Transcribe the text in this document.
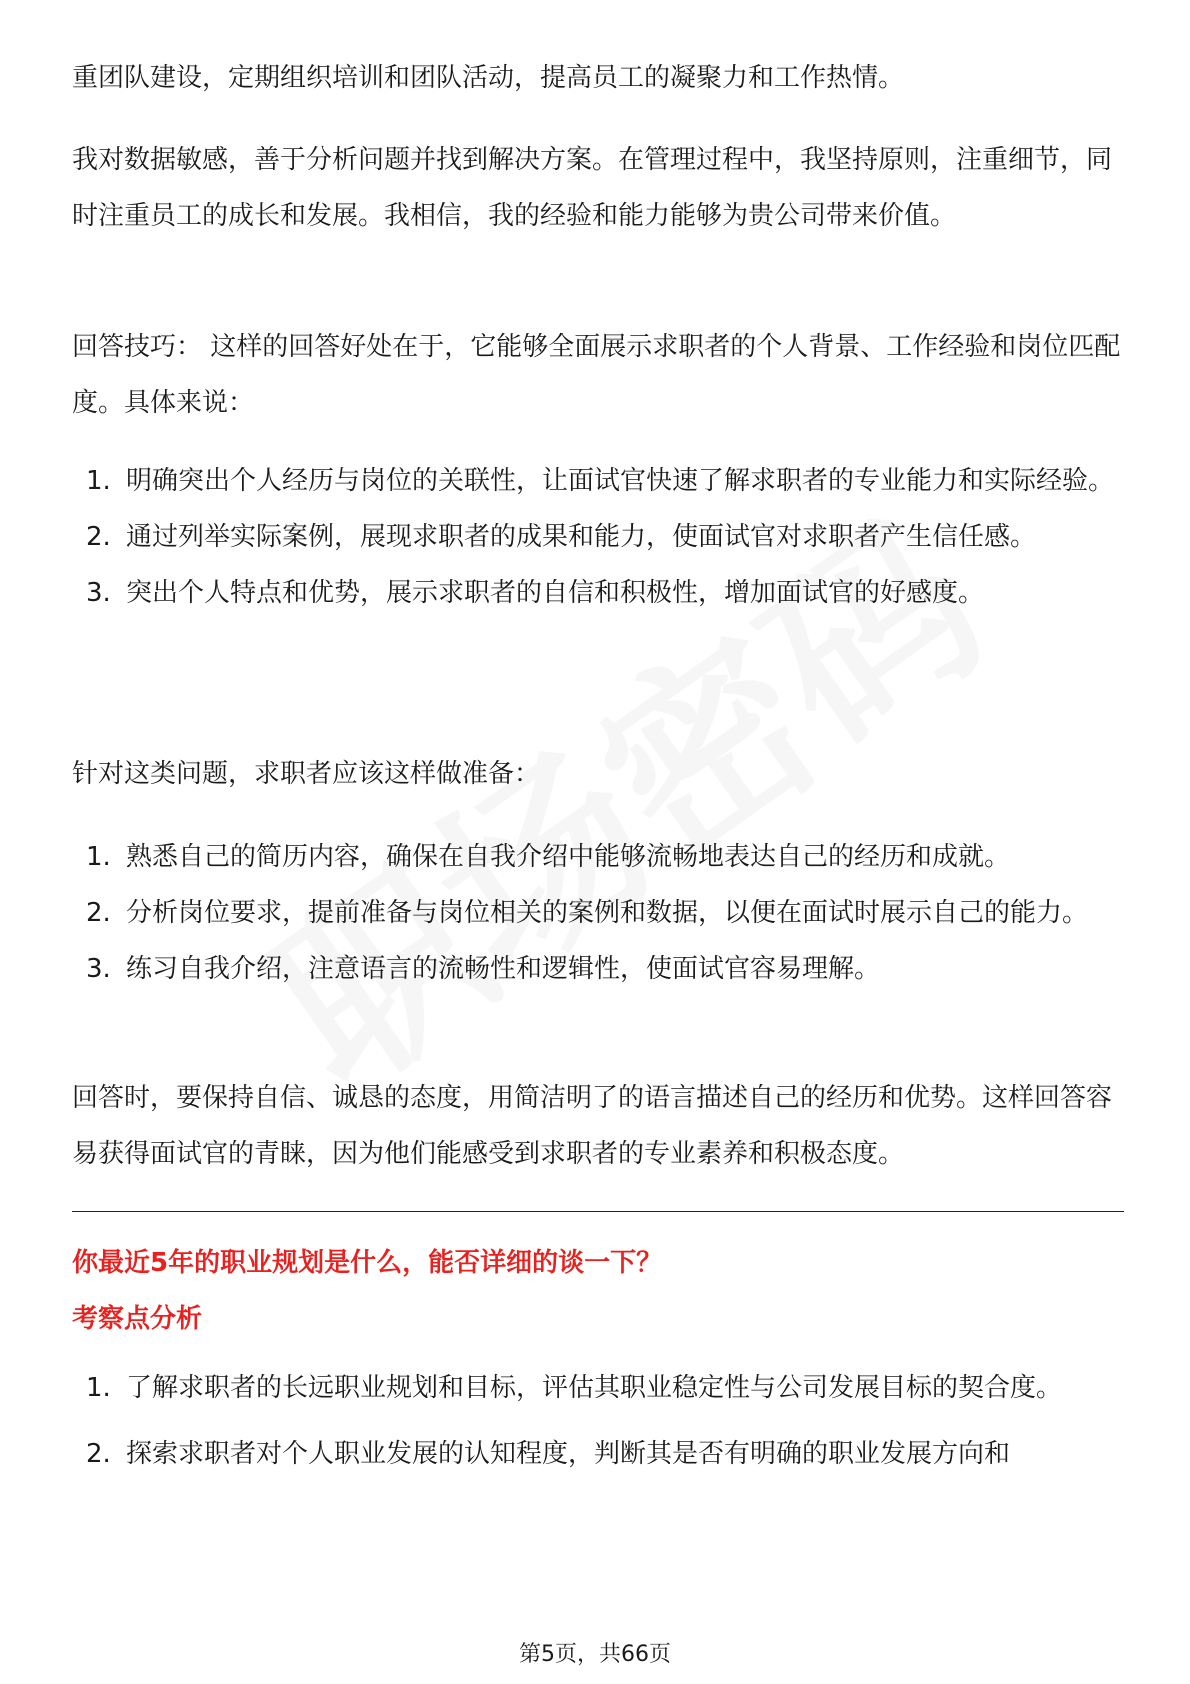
重团队建设，定期组织培训和团队活动，提高员工的凝聚力和工作热情。

我对数据敏感，善于分析问题并找到解决方案。在管理过程中，我坚持原则，注重细节，同时注重员工的成长和发展。我相信，我的经验和能力能够为贵公司带来价值。

回答技巧： 这样的回答好处在于，它能够全面展示求职者的个人背景、工作经验和岗位匹配度。具体来说：

1. 明确突出个人经历与岗位的关联性，让面试官快速了解求职者的专业能力和实际经验。
2. 通过列举实际案例，展现求职者的成果和能力，使面试官对求职者产生信任感。
3. 突出个人特点和优势，展示求职者的自信和积极性，增加面试官的好感度。

针对这类问题，求职者应该这样做准备：

1. 熟悉自己的简历内容，确保在自我介绍中能够流畅地表达自己的经历和成就。
2. 分析岗位要求，提前准备与岗位相关的案例和数据，以便在面试时展示自己的能力。
3. 练习自我介绍，注意语言的流畅性和逻辑性，使面试官容易理解。

回答时，要保持自信、诚恳的态度，用简洁明了的语言描述自己的经历和优势。这样回答容易获得面试官的青睐，因为他们能感受到求职者的专业素养和积极态度。

你最近5年的职业规划是什么，能否详细的谈一下？
考察点分析
1. 了解求职者的长远职业规划和目标，评估其职业稳定性与公司发展目标的契合度。
2. 探索求职者对个人职业发展的认知程度，判断其是否有明确的职业发展方向和
第5页，共66页
